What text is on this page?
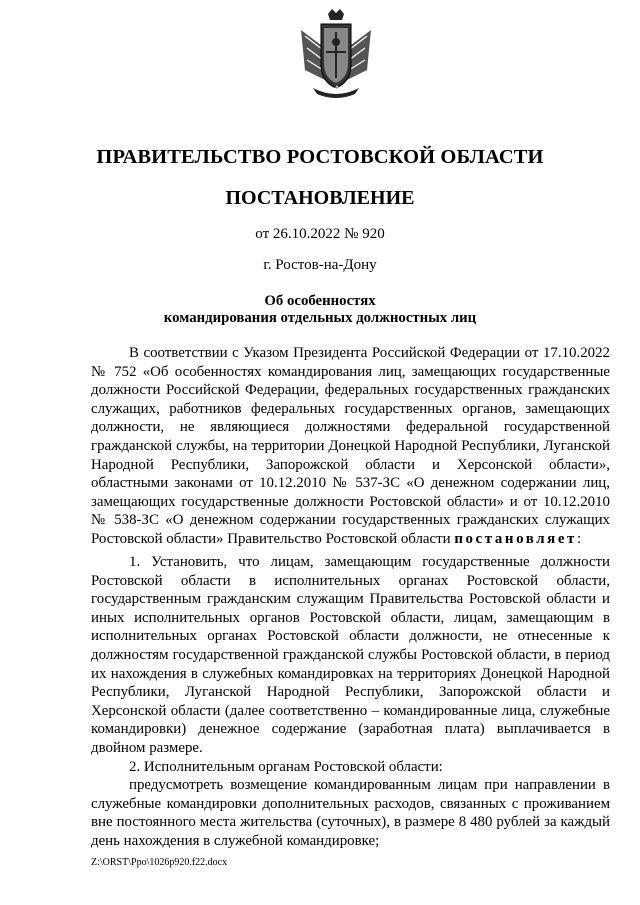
ПРАВИТЕЛЬСТВО РОСТОВСКОЙ ОБЛАСТИ
ПОСТАНОВЛЕНИЕ
от 26.10.2022 № 920
г. Ростов-на-Дону
Об особенностях
командирования отдельных должностных лиц

В соответствии с Указом Президента Российской Федерации от 17.10.2022 № 752 «Об особенностях командирования лиц, замещающих государственные должности Российской Федерации, федеральных государственных гражданских служащих, работников федеральных государственных органов, замещающих должности, не являющиеся должностями федеральной государственной гражданской службы, на территории Донецкой Народной Республики, Луганской Народной Республики, Запорожской области и Херсонской области», областными законами от 10.12.2010 № 537-ЗС «О денежном содержании лиц, замещающих государственные должности Ростовской области» и от 10.12.2010 № 538-ЗС «О денежном содержании государственных гражданских служащих Ростовской области» Правительство Ростовской области постановляет:

1. Установить, что лицам, замещающим государственные должности Ростовской области в исполнительных органах Ростовской области, государственным гражданским служащим Правительства Ростовской области и иных исполнительных органов Ростовской области, лицам, замещающим в исполнительных органах Ростовской области должности, не отнесенные к должностям государственной гражданской службы Ростовской области, в период их нахождения в служебных командировках на территориях Донецкой Народной Республики, Луганской Народной Республики, Запорожской области и Херсонской области (далее соответственно – командированные лица, служебные командировки) денежное содержание (заработная плата) выплачивается в двойном размере.

2. Исполнительным органам Ростовской области:

предусмотреть возмещение командированным лицам при направлении в служебные командировки дополнительных расходов, связанных с проживанием вне постоянного места жительства (суточных), в размере 8 480 рублей за каждый день нахождения в служебной командировке;

Z:\ORST\Ppo\1026p920.f22.docx
